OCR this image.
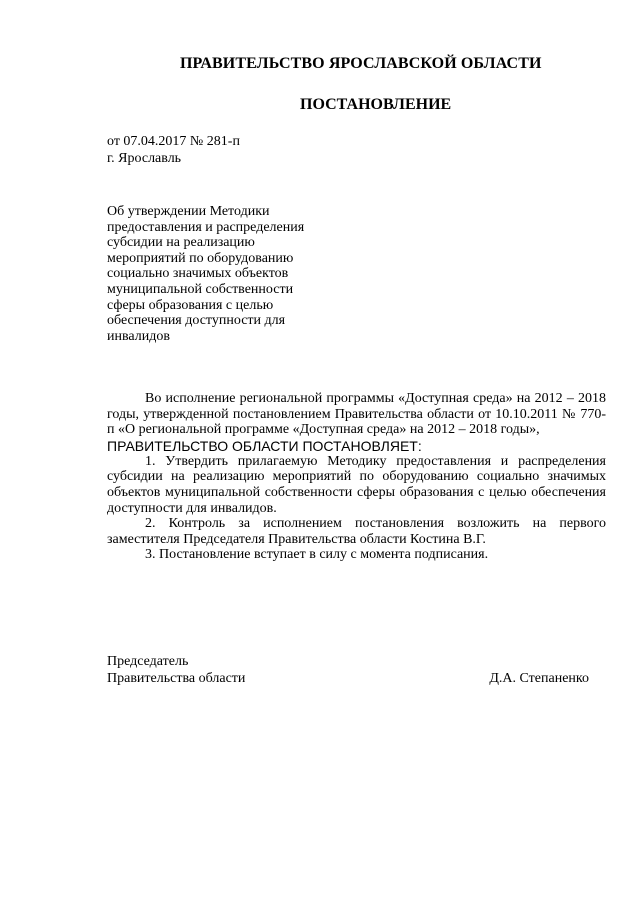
ПРАВИТЕЛЬСТВО ЯРОСЛАВСКОЙ ОБЛАСТИ
ПОСТАНОВЛЕНИЕ
от 07.04.2017 № 281-п
г. Ярославль
Об утверждении Методики
предоставления и распределения
субсидии на реализацию
мероприятий по оборудованию
социально значимых объектов
муниципальной собственности
сферы образования с целью
обеспечения доступности для
инвалидов
Во исполнение региональной программы «Доступная среда» на 2012 – 2018 годы, утвержденной постановлением Правительства области от 10.10.2011 № 770-п «О региональной программе «Доступная среда» на 2012 – 2018 годы»,
ПРАВИТЕЛЬСТВО ОБЛАСТИ ПОСТАНОВЛЯЕТ:
1. Утвердить прилагаемую Методику предоставления и распределения субсидии на реализацию мероприятий по оборудованию социально значимых объектов муниципальной собственности сферы образования с целью обеспечения доступности для инвалидов.
2. Контроль за исполнением постановления возложить на первого заместителя Председателя Правительства области Костина В.Г.
3. Постановление вступает в силу с момента подписания.
Председатель
Правительства области	Д.А. Степаненко
